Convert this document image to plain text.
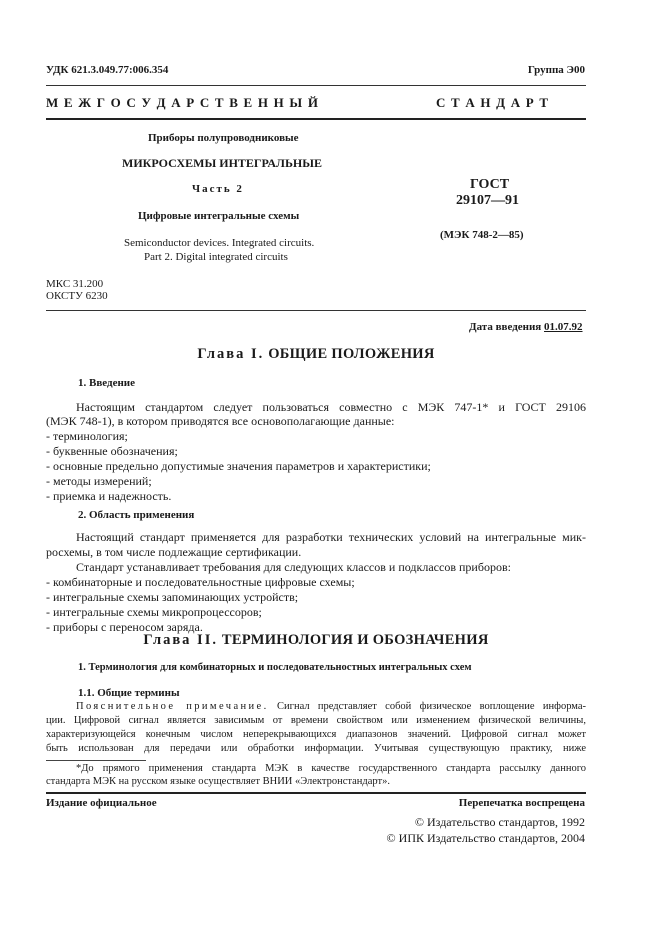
УДК 621.3.049.77:006.354	Группа Э00
М Е Ж Г О С У Д А Р С Т В Е Н Н Ы Й	С Т А Н Д А Р Т
Приборы полупроводниковые
МИКРОСХЕМЫ ИНТЕГРАЛЬНЫЕ
Часть 2
Цифровые интегральные схемы
Semiconductor devices. Integrated circuits.
Part 2. Digital integrated circuits
ГОСТ
29107—91
(МЭК 748-2—85)
МКС 31.200
ОКСТУ 6230
Дата введения 01.07.92
Глава I. ОБЩИЕ ПОЛОЖЕНИЯ
1. Введение
Настоящим стандартом следует пользоваться совместно с МЭК 747-1* и ГОСТ 29106
(МЭК 748-1), в котором приводятся все основополагающие данные:
- терминология;
- буквенные обозначения;
- основные предельно допустимые значения параметров и характеристики;
- методы измерений;
- приемка и надежность.
2. Область применения
Настоящий стандарт применяется для разработки технических условий на интегральные мик-
росхемы, в том числе подлежащие сертификации.
Стандарт устанавливает требования для следующих классов и подклассов приборов:
- комбинаторные и последовательностные цифровые схемы;
- интегральные схемы запоминающих устройств;
- интегральные схемы микропроцессоров;
- приборы с переносом заряда.
Глава II. ТЕРМИНОЛОГИЯ И ОБОЗНАЧЕНИЯ
1. Терминология для комбинаторных и последовательностных интегральных схем
1.1. Общие термины
Пояснительное примечание. Сигнал представляет собой физическое воплощение информа-
ции. Цифровой сигнал является зависимым от времени свойством или изменением физической величины,
характеризующейся конечным числом неперекрывающихся диапазонов значений. Цифровой сигнал может
быть использован для передачи или обработки информации. Учитывая существующую практику, ниже
*До прямого применения стандарта МЭК в качестве государственного стандарта рассылку данного
стандарта МЭК на русском языке осуществляет ВНИИ «Электронстандарт».
Издание официальное	Перепечатка воспрещена
© Издательство стандартов, 1992
© ИПК Издательство стандартов, 2004
